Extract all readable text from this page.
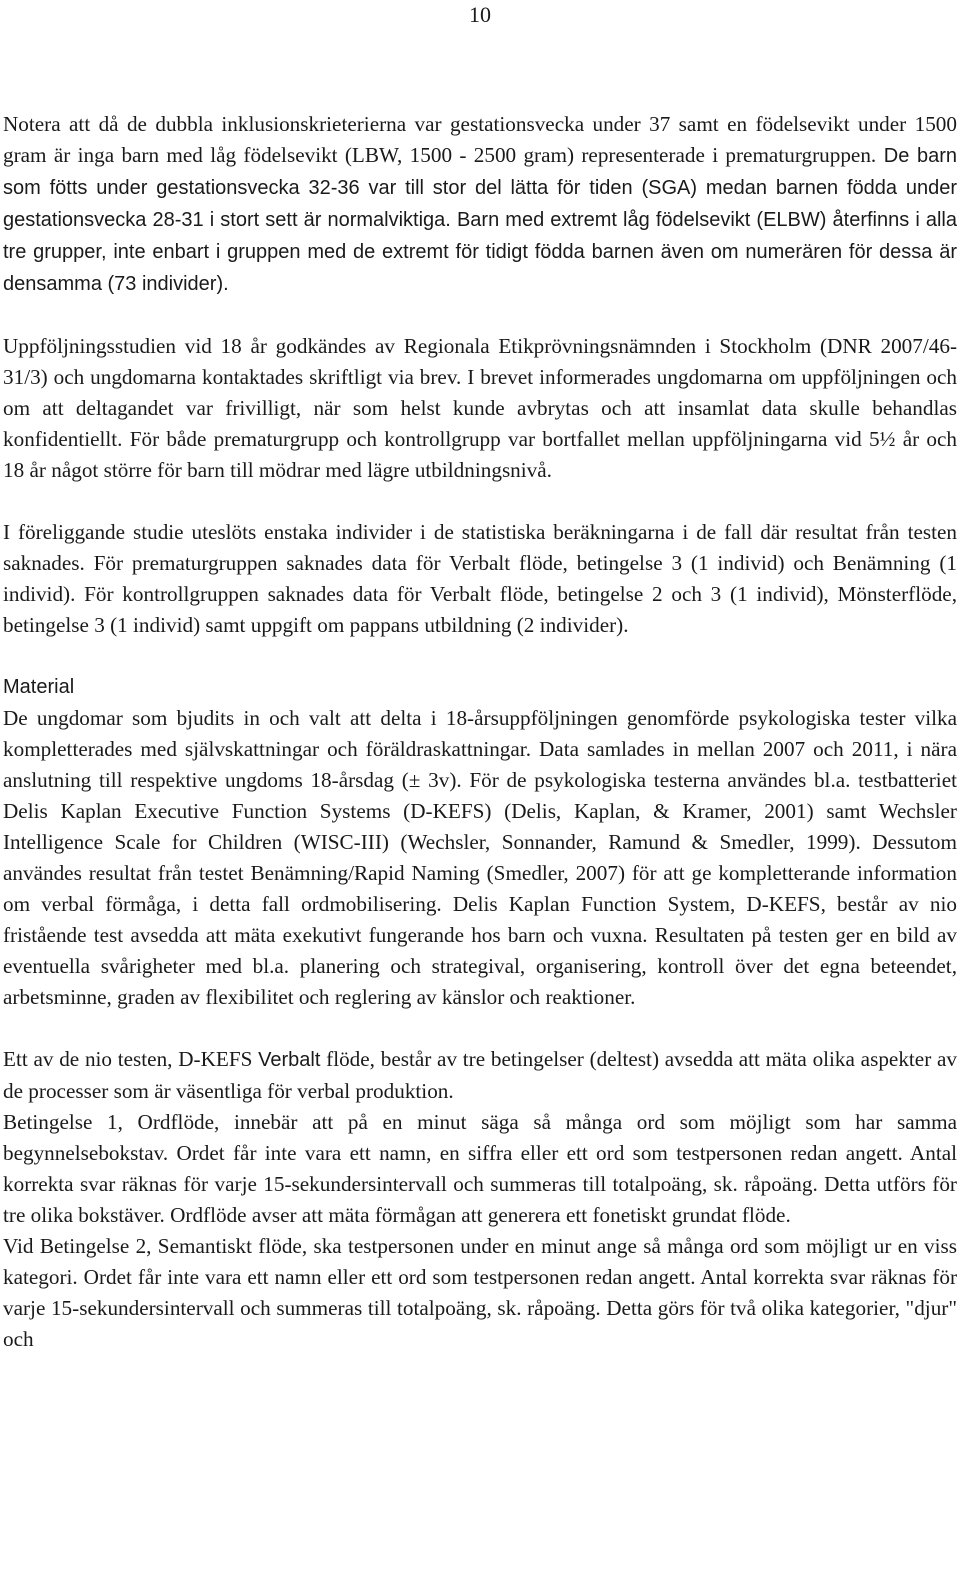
10

Notera att då de dubbla inklusionskrieterierna var gestationsvecka under 37 samt en födelsevikt under 1500 gram är inga barn med låg födelsevikt (LBW, 1500 - 2500 gram) representerade i prematurgruppen. De barn som fötts under gestationsvecka 32-36 var till stor del lätta för tiden (SGA) medan barnen födda under gestationsvecka 28-31 i stort sett är normalviktiga. Barn med extremt låg födelsevikt (ELBW) återfinns i alla tre grupper, inte enbart i gruppen med de extremt för tidigt födda barnen även om numerären för dessa är densamma (73 individer).

Uppföljningsstudien vid 18 år godkändes av Regionala Etikprövningsnämnden i Stockholm (DNR 2007/46-31/3) och ungdomarna kontaktades skriftligt via brev. I brevet informerades ungdomarna om uppföljningen och om att deltagandet var frivilligt, när som helst kunde avbrytas och att insamlat data skulle behandlas konfidentiellt. För både prematurgrupp och kontrollgrupp var bortfallet mellan uppföljningarna vid 5½ år och 18 år något större för barn till mödrar med lägre utbildningsnivå.

I föreliggande studie uteslöts enstaka individer i de statistiska beräkningarna i de fall där resultat från testen saknades. För prematurgruppen saknades data för Verbalt flöde, betingelse 3 (1 individ) och Benämning (1 individ). För kontrollgruppen saknades data för Verbalt flöde, betingelse 2 och 3 (1 individ), Mönsterflöde, betingelse 3 (1 individ) samt uppgift om pappans utbildning (2 individer).

Material

De ungdomar som bjudits in och valt att delta i 18-årsuppföljningen genomförde psykologiska tester vilka kompletterades med självskattningar och föräldraskattningar. Data samlades in mellan 2007 och 2011, i nära anslutning till respektive ungdoms 18-årsdag (± 3v). För de psykologiska testerna användes bl.a. testbatteriet Delis Kaplan Executive Function Systems (D-KEFS) (Delis, Kaplan, & Kramer, 2001) samt Wechsler Intelligence Scale for Children (WISC-III) (Wechsler, Sonnander, Ramund & Smedler, 1999). Dessutom användes resultat från testet Benämning/Rapid Naming (Smedler, 2007) för att ge kompletterande information om verbal förmåga, i detta fall ordmobilisering. Delis Kaplan Function System, D-KEFS, består av nio fristående test avsedda att mäta exekutivt fungerande hos barn och vuxna. Resultaten på testen ger en bild av eventuella svårigheter med bl.a. planering och strategival, organisering, kontroll över det egna beteendet, arbetsminne, graden av flexibilitet och reglering av känslor och reaktioner.

Ett av de nio testen, D-KEFS Verbalt flöde, består av tre betingelser (deltest) avsedda att mäta olika aspekter av de processer som är väsentliga för verbal produktion.

Betingelse 1, Ordflöde, innebär att på en minut säga så många ord som möjligt som har samma begynnelsebokstav. Ordet får inte vara ett namn, en siffra eller ett ord som testpersonen redan angett. Antal korrekta svar räknas för varje 15-sekundersintervall och summeras till totalpoäng, sk. råpoäng. Detta utförs för tre olika bokstäver. Ordflöde avser att mäta förmågan att generera ett fonetiskt grundat flöde.

Vid Betingelse 2, Semantiskt flöde, ska testpersonen under en minut ange så många ord som möjligt ur en viss kategori. Ordet får inte vara ett namn eller ett ord som testpersonen redan angett. Antal korrekta svar räknas för varje 15-sekundersintervall och summeras till totalpoäng, sk. råpoäng. Detta görs för två olika kategorier, "djur" och
